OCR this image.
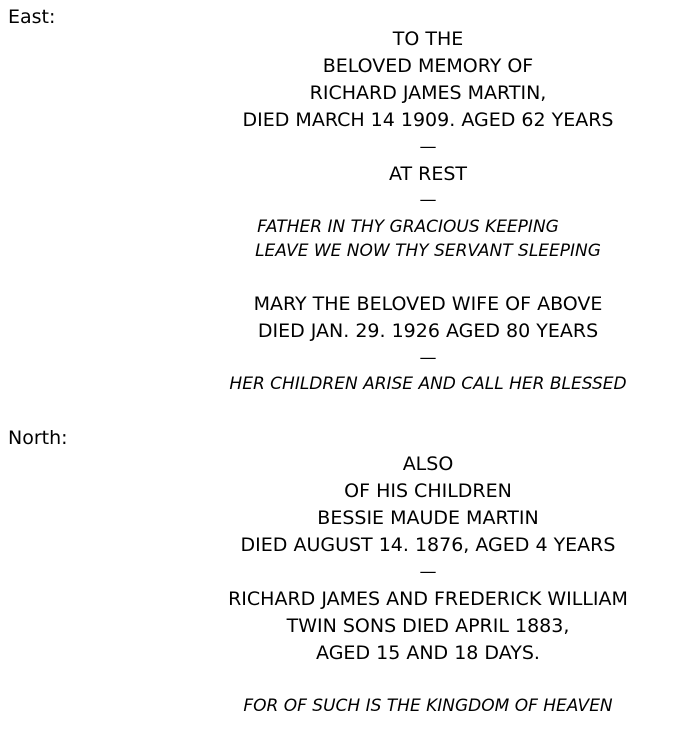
East:
TO THE
BELOVED MEMORY OF
RICHARD JAMES MARTIN,
DIED MARCH 14 1909. AGED 62 YEARS
—
AT REST
—
FATHER IN THY GRACIOUS KEEPING
LEAVE WE NOW THY SERVANT SLEEPING
MARY THE BELOVED WIFE OF ABOVE
DIED JAN. 29. 1926 AGED 80 YEARS
—
HER CHILDREN ARISE AND CALL HER BLESSED
North:
ALSO
OF HIS CHILDREN
BESSIE MAUDE MARTIN
DIED AUGUST 14. 1876, AGED 4 YEARS
—
RICHARD JAMES AND FREDERICK WILLIAM
TWIN SONS DIED APRIL 1883,
AGED 15 AND 18 DAYS.
FOR OF SUCH IS THE KINGDOM OF HEAVEN
